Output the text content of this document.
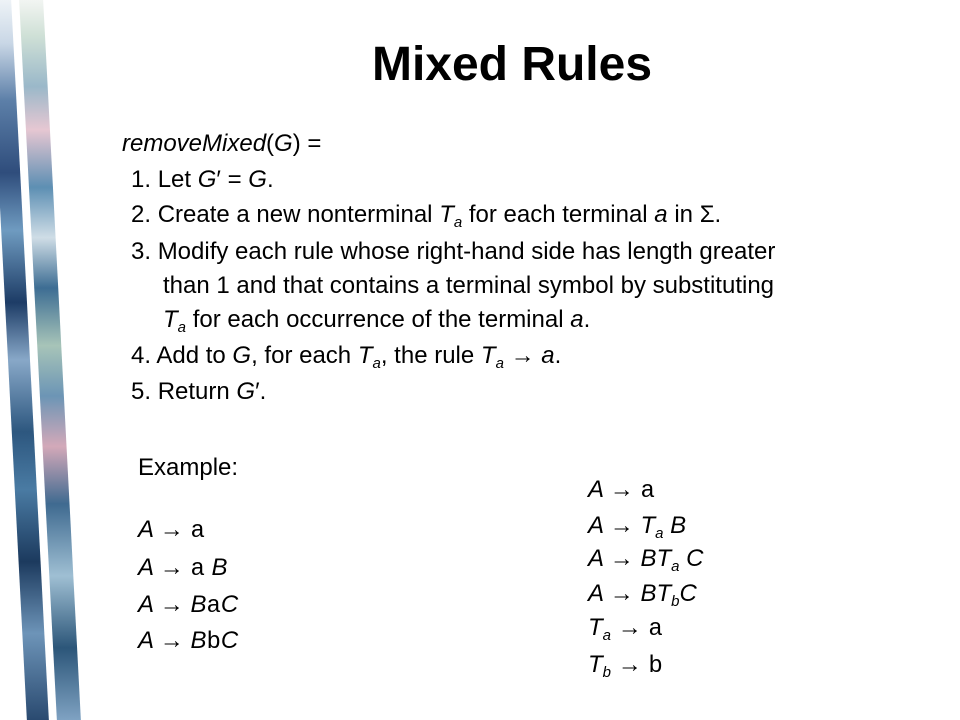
Mixed Rules
removeMixed(G) =
1. Let G′ = G.
2. Create a new nonterminal $T_a$ for each terminal a in Σ.
3. Modify each rule whose right-hand side has length greater
than 1 and that contains a terminal symbol by substituting
$T_a$ for each occurrence of the terminal a.
4. Add to G, for each $T_a$, the rule $T_a \to a$.
5. Return G′.
Example:
A → a
A → a B
A → BaC
A → BbC
A → a
$A \to T_a$ B
$A \to BT_a$ C
$A \to BT_bC$
$T_a \to a$
$T_b \to b$
